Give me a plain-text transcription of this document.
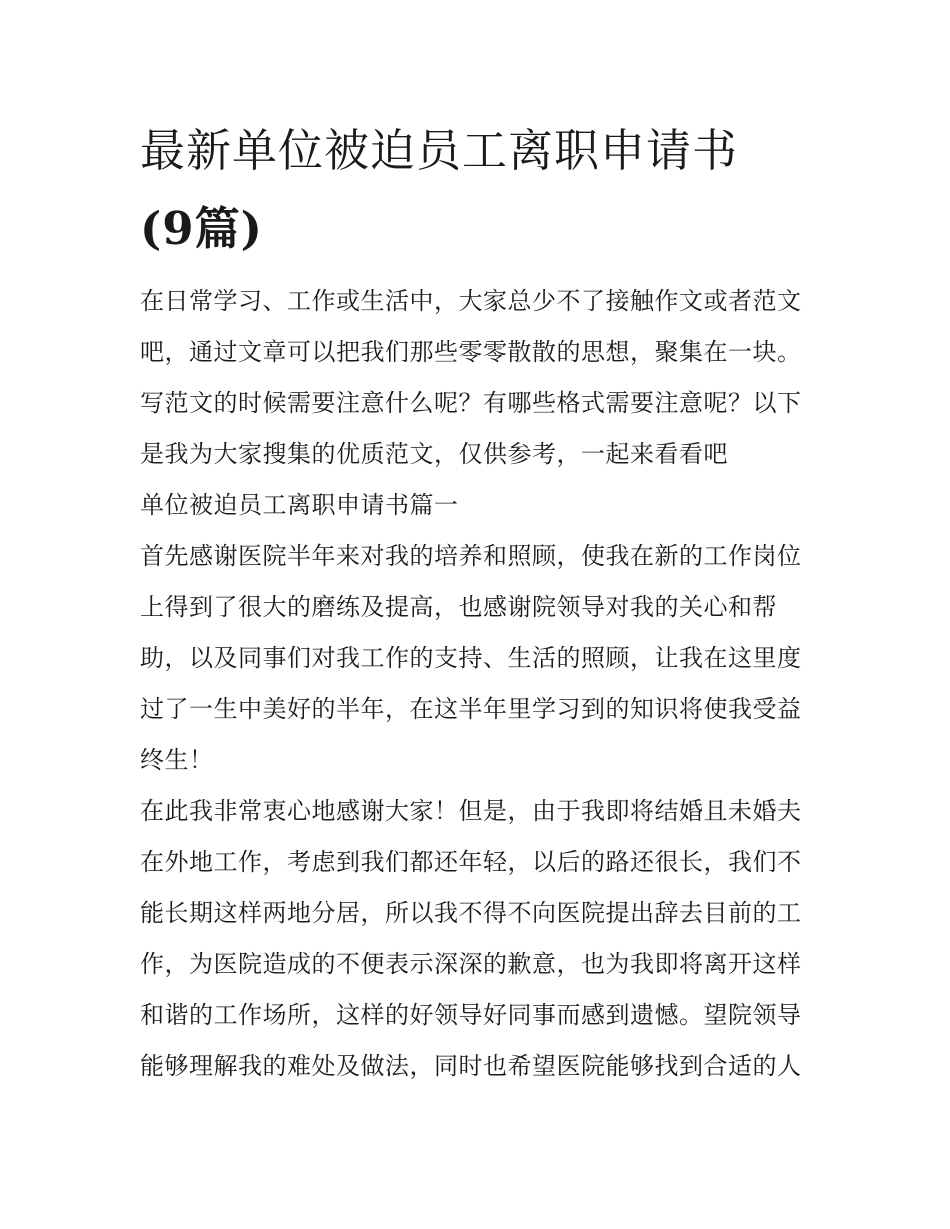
最新单位被迫员工离职申请书
(9篇)
在日常学习、工作或生活中，大家总少不了接触作文或者范文
吧，通过文章可以把我们那些零零散散的思想，聚集在一块。
写范文的时候需要注意什么呢？有哪些格式需要注意呢？以下
是我为大家搜集的优质范文，仅供参考，一起来看看吧
单位被迫员工离职申请书篇一
首先感谢医院半年来对我的培养和照顾，使我在新的工作岗位
上得到了很大的磨练及提高，也感谢院领导对我的关心和帮
助，以及同事们对我工作的支持、生活的照顾，让我在这里度
过了一生中美好的半年，在这半年里学习到的知识将使我受益
终生！
在此我非常衷心地感谢大家！但是，由于我即将结婚且未婚夫
在外地工作，考虑到我们都还年轻，以后的路还很长，我们不
能长期这样两地分居，所以我不得不向医院提出辞去目前的工
作，为医院造成的不便表示深深的歉意，也为我即将离开这样
和谐的工作场所，这样的好领导好同事而感到遗憾。望院领导
能够理解我的难处及做法，同时也希望医院能够找到合适的人
